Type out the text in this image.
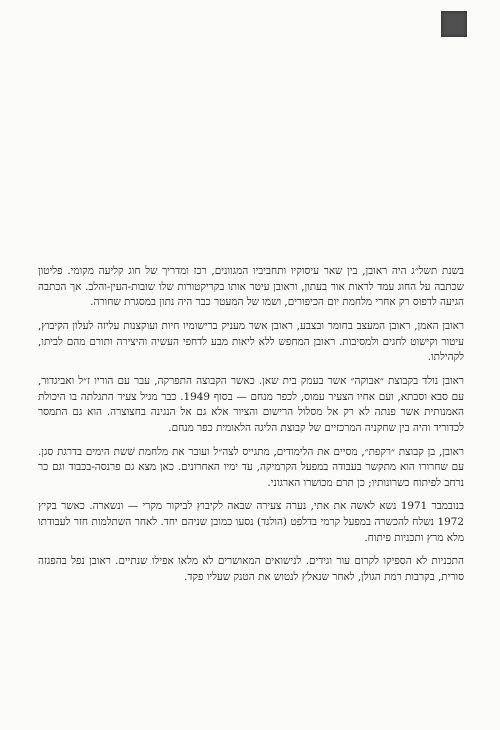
בשנת תשל״ג היה ראובן, בין שאר עיסוקיו ותחביביו המגוונים, רכז ומדריך של חוג קליעה מקומי. פליטון שכתבה על החוג עמד לראות אור בעתון, וראובן עיטר אותו בקריקטורות שלו שובות-העין-והלב. אך הכתבה הגיעה לדפוס רק אחרי מלחמת יום הכיפורים, ושמו של המעטר כבר היה נתון במסגרת שחורה.

ראובן האמן, ראובן המעצב בחומר ובצבע, ראובן אשר מעניק ברישומיו חיות ועוקצנות עליזה לעלון הקיבוץ, עיטור וקישוט לחגים ולמסיבות. ראובן המחפש ללא ליאות מבע לדחפי העשיה והיצירה ותורם מהם לביתו, לקהילתו.

ראובן נולד בקבוצת ״אבוקה״ אשר בעמק בית שאן. כאשר הקבוצה התפרקה, עבר עם הוריו ז״ל ואביגדור, עם סבא וסבתא, ועם אחיו הצעיר עמוס, לכפר מנחם — בסוף 1949. כבר מגיל צעיר התגלתה בו היכולת האמנותית אשר פנתה לא רק אל מסלול הרישום והציור אלא גם אל הנגינה בחצוצרה. הוא גם התמסר לכדוריד והיה בין שחקניה המרכזיים של קבוצת הליגה הלאומית כפר מנחם.

ראובן, בן קבוצת ״רקפת״, מסיים את הלימודים, מתגייס לצה״ל ועובר את מלחמת שׁשת הימים בדרגת סגן. עם שחרורו הוא מתקשר בעבודה במפעל הקרמיקה, עד ימיו האחרונים. כאן מצא גם פרנסה-בכבוד וגם כר נרחב לפיתוח כשרונותיו; כן תרם מכושרו הארגוני.

בנובמבר 1971 נשא לאשה את אתי, נערה צעירה שבאה לקיבוץ לביקור מקרי — ונשארה. כאשר בקיץ 1972 נשלח להכשרה במפעל קרמי בדלפט (הולנד) נסעו כמובן שניהם יחד. לאחר השתלמות חזר לעבודתו מלא מרץ ותכניות פיתוח.

התכניות לא הספיקו לקרום עור וגידים. לנישואים המאושרים לא מלאו אפילו שנתיים. ראובן נפל בהפגזה סורית, בקרבות רמת הגולן, לאחר שנאלץ לנטוש את הטנק שעליו פקד.
